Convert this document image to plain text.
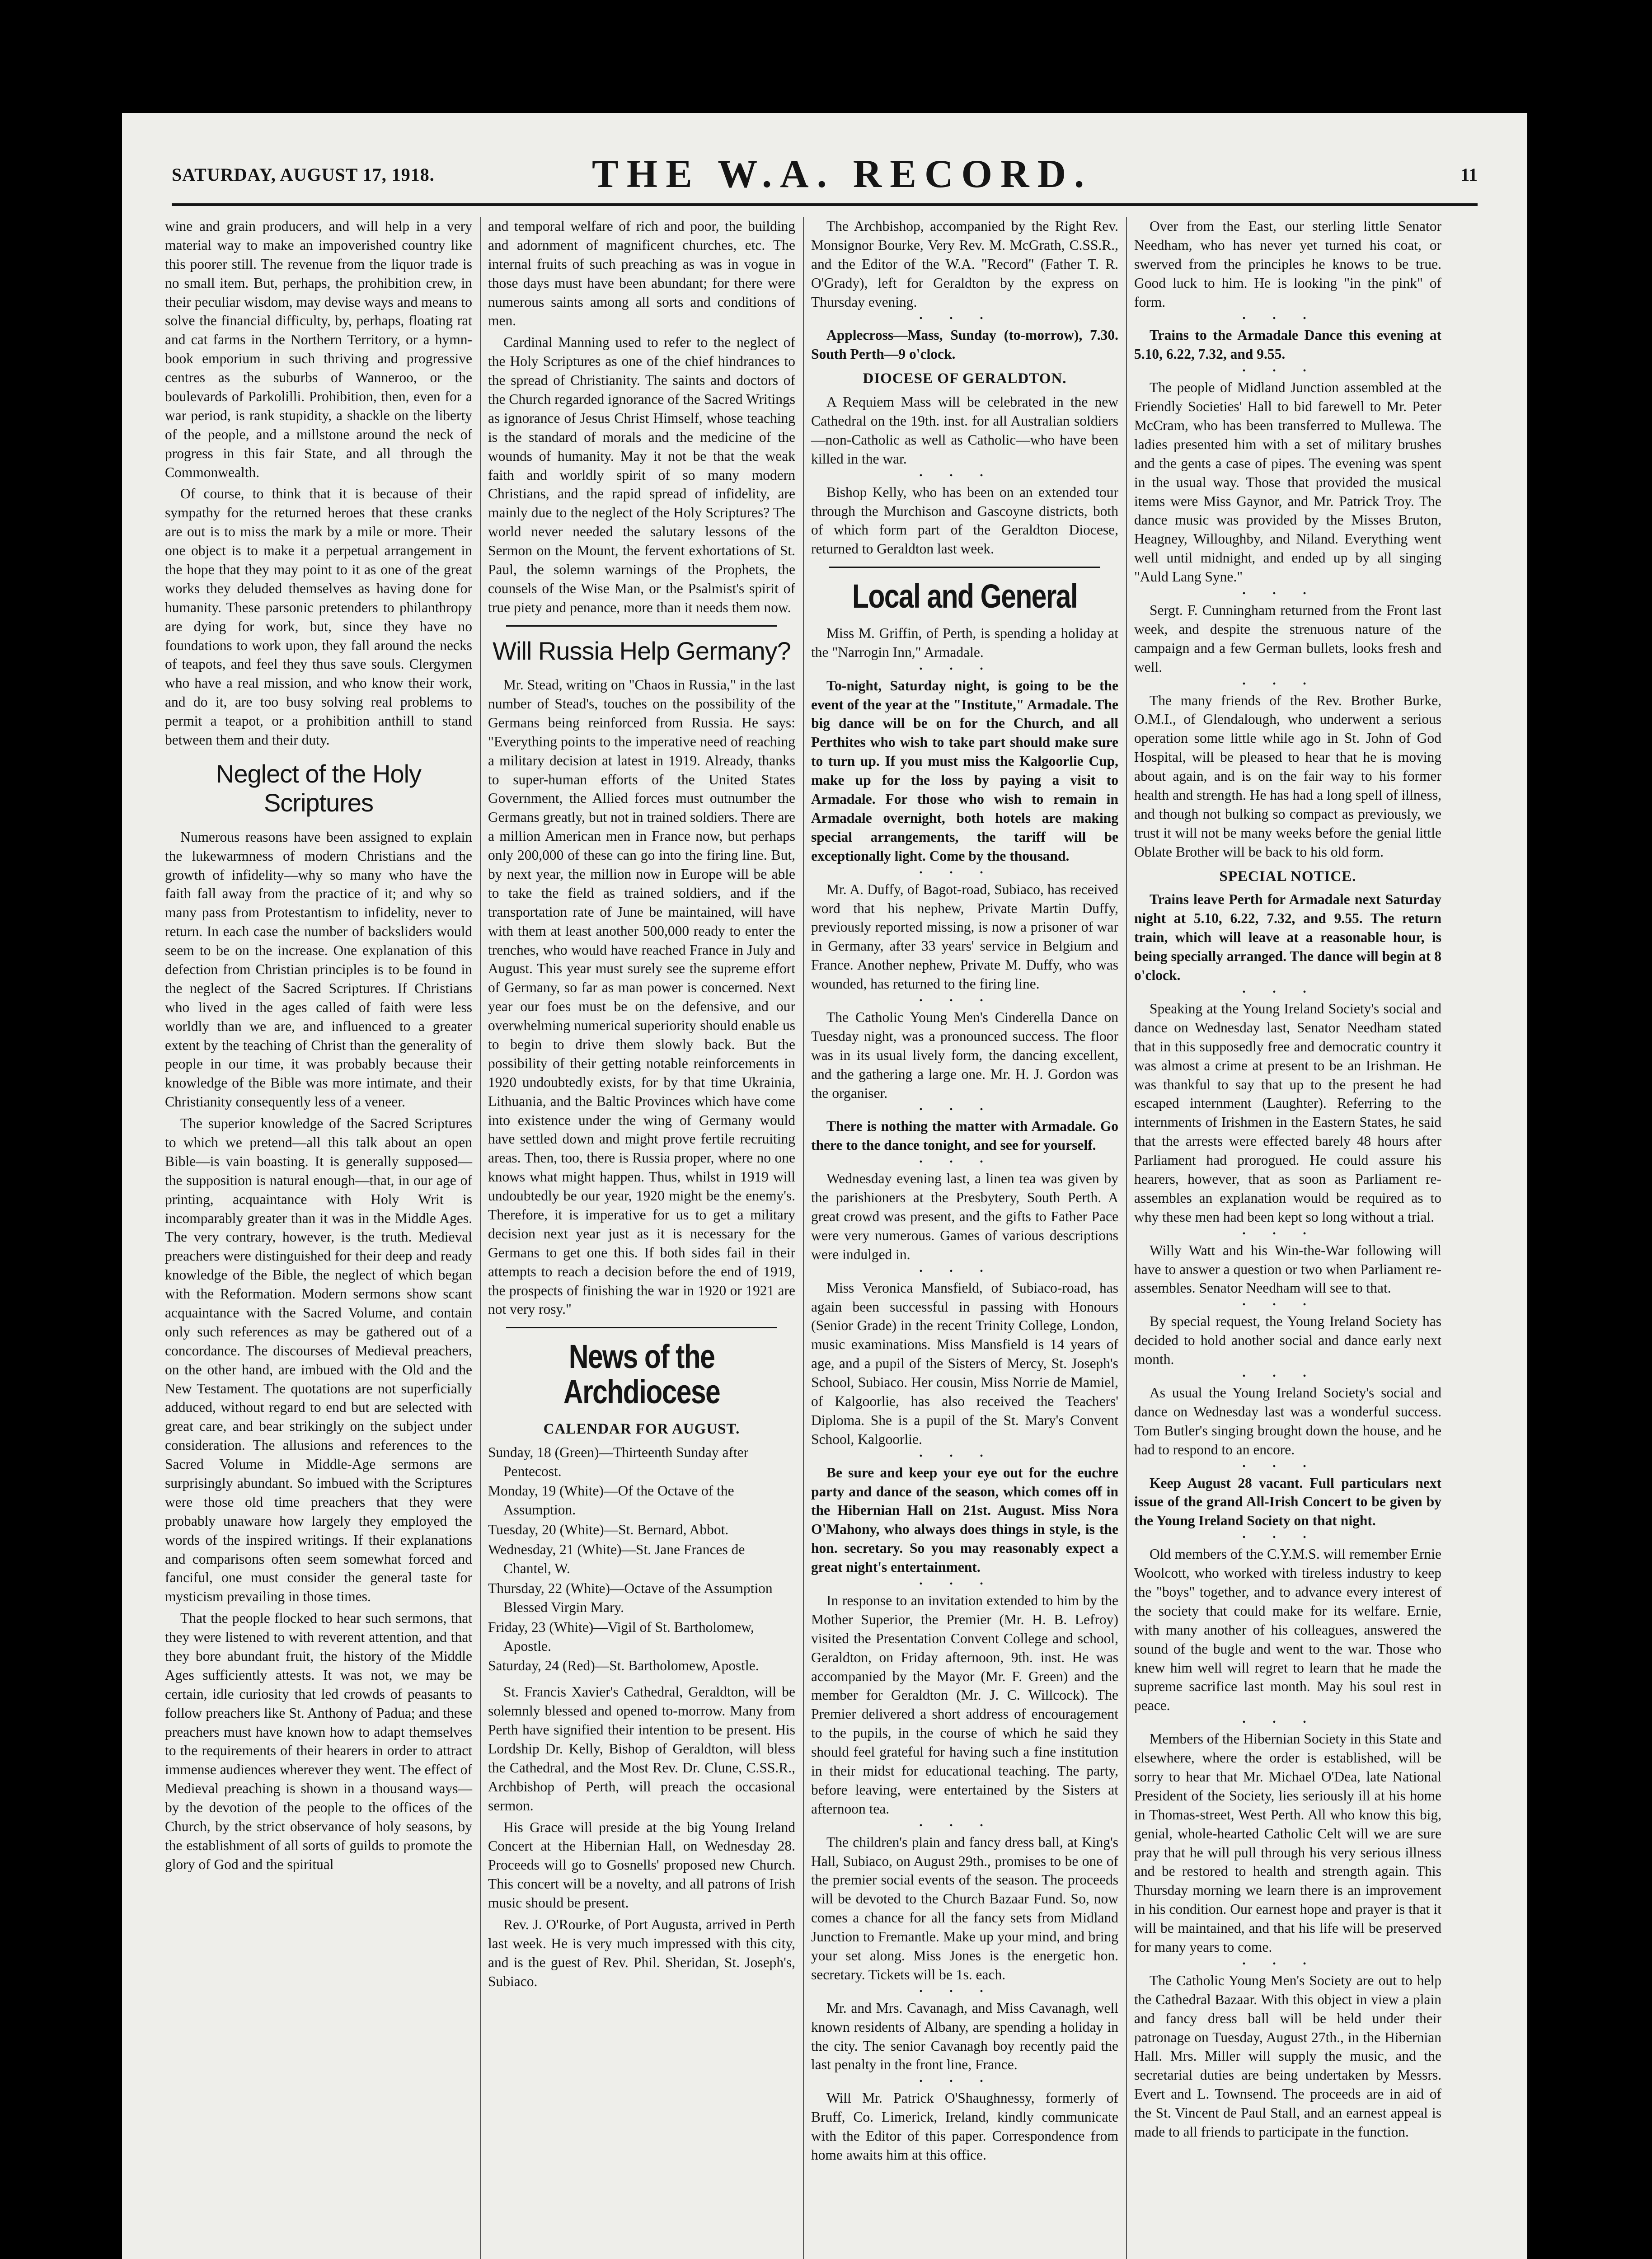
SATURDAY, AUGUST 17, 1918.	THE W.A. RECORD.	11

wine and grain producers, and will help in a very material way to make an impoverished country like this poorer still. The revenue from the liquor trade is no small item. But, perhaps, the prohibition crew, in their peculiar wisdom, may devise ways and means to solve the financial difficulty, by, perhaps, floating rat and cat farms in the Northern Territory, or a hymn-book emporium in such thriving and progressive centres as the suburbs of Wanneroo, or the boulevards of Parkolilli. Prohibition, then, even for a war period, is rank stupidity, a shackle on the liberty of the people, and a millstone around the neck of progress in this fair State, and all through the Commonwealth.

Of course, to think that it is because of their sympathy for the returned heroes that these cranks are out is to miss the mark by a mile or more. Their one object is to make it a perpetual arrangement in the hope that they may point to it as one of the great works they deluded themselves as having done for humanity. These parsonic pretenders to philanthropy are dying for work, but, since they have no foundations to work upon, they fall around the necks of teapots, and feel they thus save souls. Clergymen who have a real mission, and who know their work, and do it, are too busy solving real problems to permit a teapot, or a prohibition anthill to stand between them and their duty.

Neglect of the Holy Scriptures

Numerous reasons have been assigned to explain the lukewarmness of modern Christians and the growth of infidelity—why so many who have the faith fall away from the practice of it; and why so many pass from Protestantism to infidelity, never to return. In each case the number of backsliders would seem to be on the increase. One explanation of this defection from Christian principles is to be found in the neglect of the Sacred Scriptures. If Christians who lived in the ages called of faith were less worldly than we are, and influenced to a greater extent by the teaching of Christ than the generality of people in our time, it was probably because their knowledge of the Bible was more intimate, and their Christianity consequently less of a veneer.

The superior knowledge of the Sacred Scriptures to which we pretend—all this talk about an open Bible—is vain boasting. It is generally supposed—the supposition is natural enough—that, in our age of printing, acquaintance with Holy Writ is incomparably greater than it was in the Middle Ages. The very contrary, however, is the truth. Medieval preachers were distinguished for their deep and ready knowledge of the Bible, the neglect of which began with the Reformation. Modern sermons show scant acquaintance with the Sacred Volume, and contain only such references as may be gathered out of a concordance. The discourses of Medieval preachers, on the other hand, are imbued with the Old and the New Testament. The quotations are not superficially adduced, without regard to end but are selected with great care, and bear strikingly on the subject under consideration. The allusions and references to the Sacred Volume in Middle-Age sermons are surprisingly abundant. So imbued with the Scriptures were those old time preachers that they were probably unaware how largely they employed the words of the inspired writings. If their explanations and comparisons often seem somewhat forced and fanciful, one must consider the general taste for mysticism prevailing in those times.

That the people flocked to hear such sermons, that they were listened to with reverent attention, and that they bore abundant fruit, the history of the Middle Ages sufficiently attests. It was not, we may be certain, idle curiosity that led crowds of peasants to follow preachers like St. Anthony of Padua; and these preachers must have known how to adapt themselves to the requirements of their hearers in order to attract immense audiences wherever they went. The effect of Medieval preaching is shown in a thousand ways—by the devotion of the people to the offices of the Church, by the strict observance of holy seasons, by the establishment of all sorts of guilds to promote the glory of God and the spiritual

and temporal welfare of rich and poor, the building and adornment of magnificent churches, etc. The internal fruits of such preaching as was in vogue in those days must have been abundant; for there were numerous saints among all sorts and conditions of men.

Cardinal Manning used to refer to the neglect of the Holy Scriptures as one of the chief hindrances to the spread of Christianity. The saints and doctors of the Church regarded ignorance of the Sacred Writings as ignorance of Jesus Christ Himself, whose teaching is the standard of morals and the medicine of the wounds of humanity. May it not be that the weak faith and worldly spirit of so many modern Christians, and the rapid spread of infidelity, are mainly due to the neglect of the Holy Scriptures? The world never needed the salutary lessons of the Sermon on the Mount, the fervent exhortations of St. Paul, the solemn warnings of the Prophets, the counsels of the Wise Man, or the Psalmist's spirit of true piety and penance, more than it needs them now.

Will Russia Help Germany?

Mr. Stead, writing on "Chaos in Russia," in the last number of Stead's, touches on the possibility of the Germans being reinforced from Russia. He says: "Everything points to the imperative need of reaching a military decision at latest in 1919. Already, thanks to super-human efforts of the United States Government, the Allied forces must outnumber the Germans greatly, but not in trained soldiers. There are a million American men in France now, but perhaps only 200,000 of these can go into the firing line. But, by next year, the million now in Europe will be able to take the field as trained soldiers, and if the transportation rate of June be maintained, will have with them at least another 500,000 ready to enter the trenches, who would have reached France in July and August. This year must surely see the supreme effort of Germany, so far as man power is concerned. Next year our foes must be on the defensive, and our overwhelming numerical superiority should enable us to begin to drive them slowly back. But the possibility of their getting notable reinforcements in 1920 undoubtedly exists, for by that time Ukrainia, Lithuania, and the Baltic Provinces which have come into existence under the wing of Germany would have settled down and might prove fertile recruiting areas. Then, too, there is Russia proper, where no one knows what might happen. Thus, whilst in 1919 will undoubtedly be our year, 1920 might be the enemy's. Therefore, it is imperative for us to get a military decision next year just as it is necessary for the Germans to get one this. If both sides fail in their attempts to reach a decision before the end of 1919, the prospects of finishing the war in 1920 or 1921 are not very rosy."

News of the Archdiocese
CALENDAR FOR AUGUST.

Sunday, 18 (Green)—Thirteenth Sunday after Pentecost.

Monday, 19 (White)—Of the Octave of the Assumption.

Tuesday, 20 (White)—St. Bernard, Abbot.

Wednesday, 21 (White)—St. Jane Frances de Chantel, W.

Thursday, 22 (White)—Octave of the Assumption Blessed Virgin Mary.

Friday, 23 (White)—Vigil of St. Bartholomew, Apostle.

Saturday, 24 (Red)—St. Bartholomew, Apostle.

St. Francis Xavier's Cathedral, Geraldton, will be solemnly blessed and opened to-morrow. Many from Perth have signified their intention to be present. His Lordship Dr. Kelly, Bishop of Geraldton, will bless the Cathedral, and the Most Rev. Dr. Clune, C.SS.R., Archbishop of Perth, will preach the occasional sermon.

His Grace will preside at the big Young Ireland Concert at the Hibernian Hall, on Wednesday 28. Proceeds will go to Gosnells' proposed new Church. This concert will be a novelty, and all patrons of Irish music should be present.

Rev. J. O'Rourke, of Port Augusta, arrived in Perth last week. He is very much impressed with this city, and is the guest of Rev. Phil. Sheridan, St. Joseph's, Subiaco.

The Archbishop, accompanied by the Right Rev. Monsignor Bourke, Very Rev. M. McGrath, C.SS.R., and the Editor of the W.A. "Record" (Father T. R. O'Grady), left for Geraldton by the express on Thursday evening.

•••

Applecross—Mass, Sunday (to-morrow), 7.30. South Perth—9 o'clock.

DIOCESE OF GERALDTON.

A Requiem Mass will be celebrated in the new Cathedral on the 19th. inst. for all Australian soldiers—non-Catholic as well as Catholic—who have been killed in the war.

•••

Bishop Kelly, who has been on an extended tour through the Murchison and Gascoyne districts, both of which form part of the Geraldton Diocese, returned to Geraldton last week.

Local and General

Miss M. Griffin, of Perth, is spending a holiday at the "Narrogin Inn," Armadale.

•••

To-night, Saturday night, is going to be the event of the year at the "Institute," Armadale. The big dance will be on for the Church, and all Perthites who wish to take part should make sure to turn up. If you must miss the Kalgoorlie Cup, make up for the loss by paying a visit to Armadale. For those who wish to remain in Armadale overnight, both hotels are making special arrangements, the tariff will be exceptionally light. Come by the thousand.

•••

Mr. A. Duffy, of Bagot-road, Subiaco, has received word that his nephew, Private Martin Duffy, previously reported missing, is now a prisoner of war in Germany, after 33 years' service in Belgium and France. Another nephew, Private M. Duffy, who was wounded, has returned to the firing line.

•••

The Catholic Young Men's Cinderella Dance on Tuesday night, was a pronounced success. The floor was in its usual lively form, the dancing excellent, and the gathering a large one. Mr. H. J. Gordon was the organiser.

•••

There is nothing the matter with Armadale. Go there to the dance tonight, and see for yourself.

•••

Wednesday evening last, a linen tea was given by the parishioners at the Presbytery, South Perth. A great crowd was present, and the gifts to Father Pace were very numerous. Games of various descriptions were indulged in.

•••

Miss Veronica Mansfield, of Subiaco-road, has again been successful in passing with Honours (Senior Grade) in the recent Trinity College, London, music examinations. Miss Mansfield is 14 years of age, and a pupil of the Sisters of Mercy, St. Joseph's School, Subiaco. Her cousin, Miss Norrie de Mamiel, of Kalgoorlie, has also received the Teachers' Diploma. She is a pupil of the St. Mary's Convent School, Kalgoorlie.

•••

Be sure and keep your eye out for the euchre party and dance of the season, which comes off in the Hibernian Hall on 21st. August. Miss Nora O'Mahony, who always does things in style, is the hon. secretary. So you may reasonably expect a great night's entertainment.

•••

In response to an invitation extended to him by the Mother Superior, the Premier (Mr. H. B. Lefroy) visited the Presentation Convent College and school, Geraldton, on Friday afternoon, 9th. inst. He was accompanied by the Mayor (Mr. F. Green) and the member for Geraldton (Mr. J. C. Willcock). The Premier delivered a short address of encouragement to the pupils, in the course of which he said they should feel grateful for having such a fine institution in their midst for educational teaching. The party, before leaving, were entertained by the Sisters at afternoon tea.

•••

The children's plain and fancy dress ball, at King's Hall, Subiaco, on August 29th., promises to be one of the premier social events of the season. The proceeds will be devoted to the Church Bazaar Fund. So, now comes a chance for all the fancy sets from Midland Junction to Fremantle. Make up your mind, and bring your set along. Miss Jones is the energetic hon. secretary. Tickets will be 1s. each.

•••

Mr. and Mrs. Cavanagh, and Miss Cavanagh, well known residents of Albany, are spending a holiday in the city. The senior Cavanagh boy recently paid the last penalty in the front line, France.

•••

Will Mr. Patrick O'Shaughnessy, formerly of Bruff, Co. Limerick, Ireland, kindly communicate with the Editor of this paper. Correspondence from home awaits him at this office.

Over from the East, our sterling little Senator Needham, who has never yet turned his coat, or swerved from the principles he knows to be true. Good luck to him. He is looking "in the pink" of form.

•••

Trains to the Armadale Dance this evening at 5.10, 6.22, 7.32, and 9.55.

•••

The people of Midland Junction assembled at the Friendly Societies' Hall to bid farewell to Mr. Peter McCram, who has been transferred to Mullewa. The ladies presented him with a set of military brushes and the gents a case of pipes. The evening was spent in the usual way. Those that provided the musical items were Miss Gaynor, and Mr. Patrick Troy. The dance music was provided by the Misses Bruton, Heagney, Willoughby, and Niland. Everything went well until midnight, and ended up by all singing "Auld Lang Syne."

•••

Sergt. F. Cunningham returned from the Front last week, and despite the strenuous nature of the campaign and a few German bullets, looks fresh and well.

•••

The many friends of the Rev. Brother Burke, O.M.I., of Glendalough, who underwent a serious operation some little while ago in St. John of God Hospital, will be pleased to hear that he is moving about again, and is on the fair way to his former health and strength. He has had a long spell of illness, and though not bulking so compact as previously, we trust it will not be many weeks before the genial little Oblate Brother will be back to his old form.

SPECIAL NOTICE.

Trains leave Perth for Armadale next Saturday night at 5.10, 6.22, 7.32, and 9.55. The return train, which will leave at a reasonable hour, is being specially arranged. The dance will begin at 8 o'clock.

•••

Speaking at the Young Ireland Society's social and dance on Wednesday last, Senator Needham stated that in this supposedly free and democratic country it was almost a crime at present to be an Irishman. He was thankful to say that up to the present he had escaped internment (Laughter). Referring to the internments of Irishmen in the Eastern States, he said that the arrests were effected barely 48 hours after Parliament had prorogued. He could assure his hearers, however, that as soon as Parliament re-assembles an explanation would be required as to why these men had been kept so long without a trial.

•••

Willy Watt and his Win-the-War following will have to answer a question or two when Parliament re-assembles. Senator Needham will see to that.

•••

By special request, the Young Ireland Society has decided to hold another social and dance early next month.

•••

As usual the Young Ireland Society's social and dance on Wednesday last was a wonderful success. Tom Butler's singing brought down the house, and he had to respond to an encore.

•••

Keep August 28 vacant. Full particulars next issue of the grand All-Irish Concert to be given by the Young Ireland Society on that night.

•••

Old members of the C.Y.M.S. will remember Ernie Woolcott, who worked with tireless industry to keep the "boys" together, and to advance every interest of the society that could make for its welfare. Ernie, with many another of his colleagues, answered the sound of the bugle and went to the war. Those who knew him well will regret to learn that he made the supreme sacrifice last month. May his soul rest in peace.

•••

Members of the Hibernian Society in this State and elsewhere, where the order is established, will be sorry to hear that Mr. Michael O'Dea, late National President of the Society, lies seriously ill at his home in Thomas-street, West Perth. All who know this big, genial, whole-hearted Catholic Celt will we are sure pray that he will pull through his very serious illness and be restored to health and strength again. This Thursday morning we learn there is an improvement in his condition. Our earnest hope and prayer is that it will be maintained, and that his life will be preserved for many years to come.

•••

The Catholic Young Men's Society are out to help the Cathedral Bazaar. With this object in view a plain and fancy dress ball will be held under their patronage on Tuesday, August 27th., in the Hibernian Hall. Mrs. Miller will supply the music, and the secretarial duties are being undertaken by Messrs. Evert and L. Townsend. The proceeds are in aid of the St. Vincent de Paul Stall, and an earnest appeal is made to all friends to participate in the function.
